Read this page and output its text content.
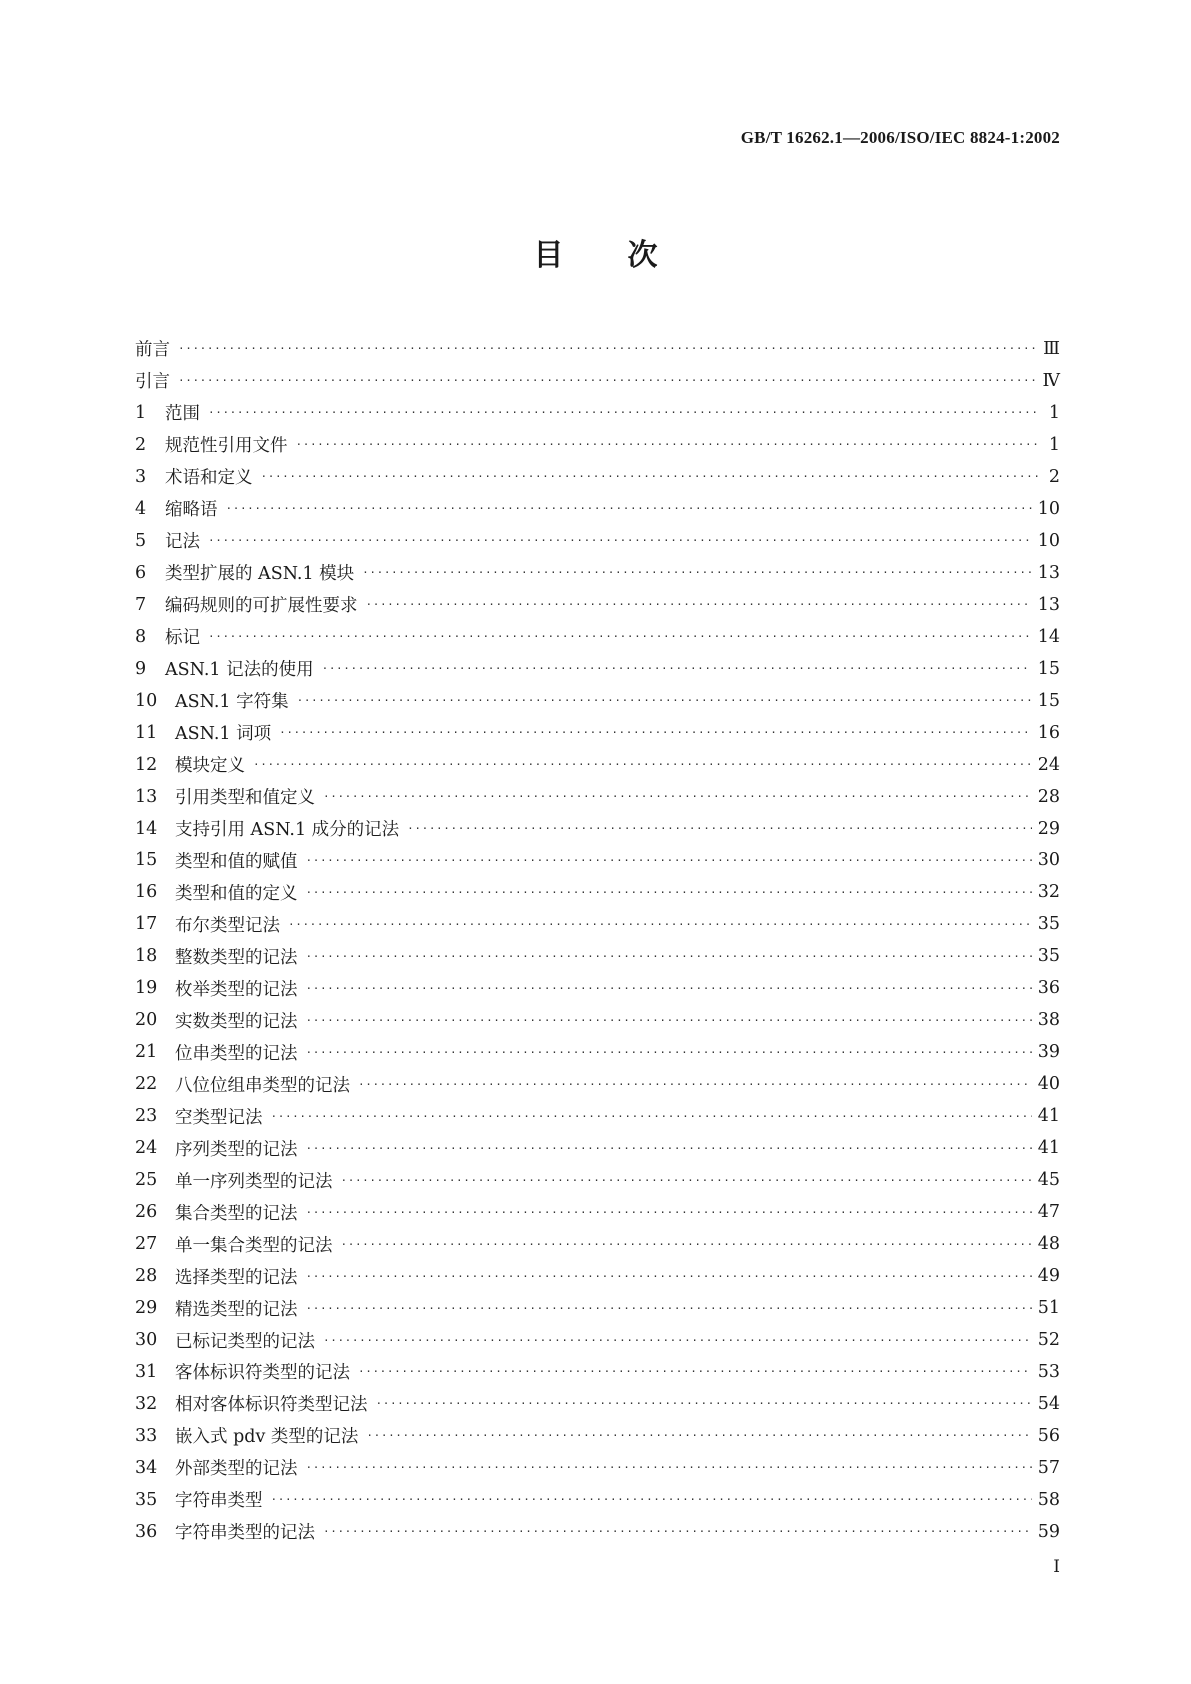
GB/T 16262.1—2006/ISO/IEC 8824-1:2002
目次
前言 ·····	Ⅲ
引言 ·····	Ⅳ
1	范围 ·····	1
2	规范性引用文件 ·····	1
3	术语和定义 ·····	2
4	缩略语 ·····	10
5	记法 ·····	10
6	类型扩展的 ASN.1 模块 ·····	13
7	编码规则的可扩展性要求 ·····	13
8	标记 ·····	14
9	ASN.1 记法的使用 ·····	15
10	ASN.1 字符集 ·····	15
11	ASN.1 词项 ·····	16
12	模块定义 ·····	24
13	引用类型和值定义 ·····	28
14	支持引用 ASN.1 成分的记法 ·····	29
15	类型和值的赋值 ·····	30
16	类型和值的定义 ·····	32
17	布尔类型记法 ·····	35
18	整数类型的记法 ·····	35
19	枚举类型的记法 ·····	36
20	实数类型的记法 ·····	38
21	位串类型的记法 ·····	39
22	八位位组串类型的记法 ·····	40
23	空类型记法 ·····	41
24	序列类型的记法 ·····	41
25	单一序列类型的记法 ·····	45
26	集合类型的记法 ·····	47
27	单一集合类型的记法 ·····	48
28	选择类型的记法 ·····	49
29	精选类型的记法 ·····	51
30	已标记类型的记法 ·····	52
31	客体标识符类型的记法 ·····	53
32	相对客体标识符类型记法 ·····	54
33	嵌入式 pdv 类型的记法 ·····	56
34	外部类型的记法 ·····	57
35	字符串类型 ·····	58
36	字符串类型的记法 ·····	59
I
